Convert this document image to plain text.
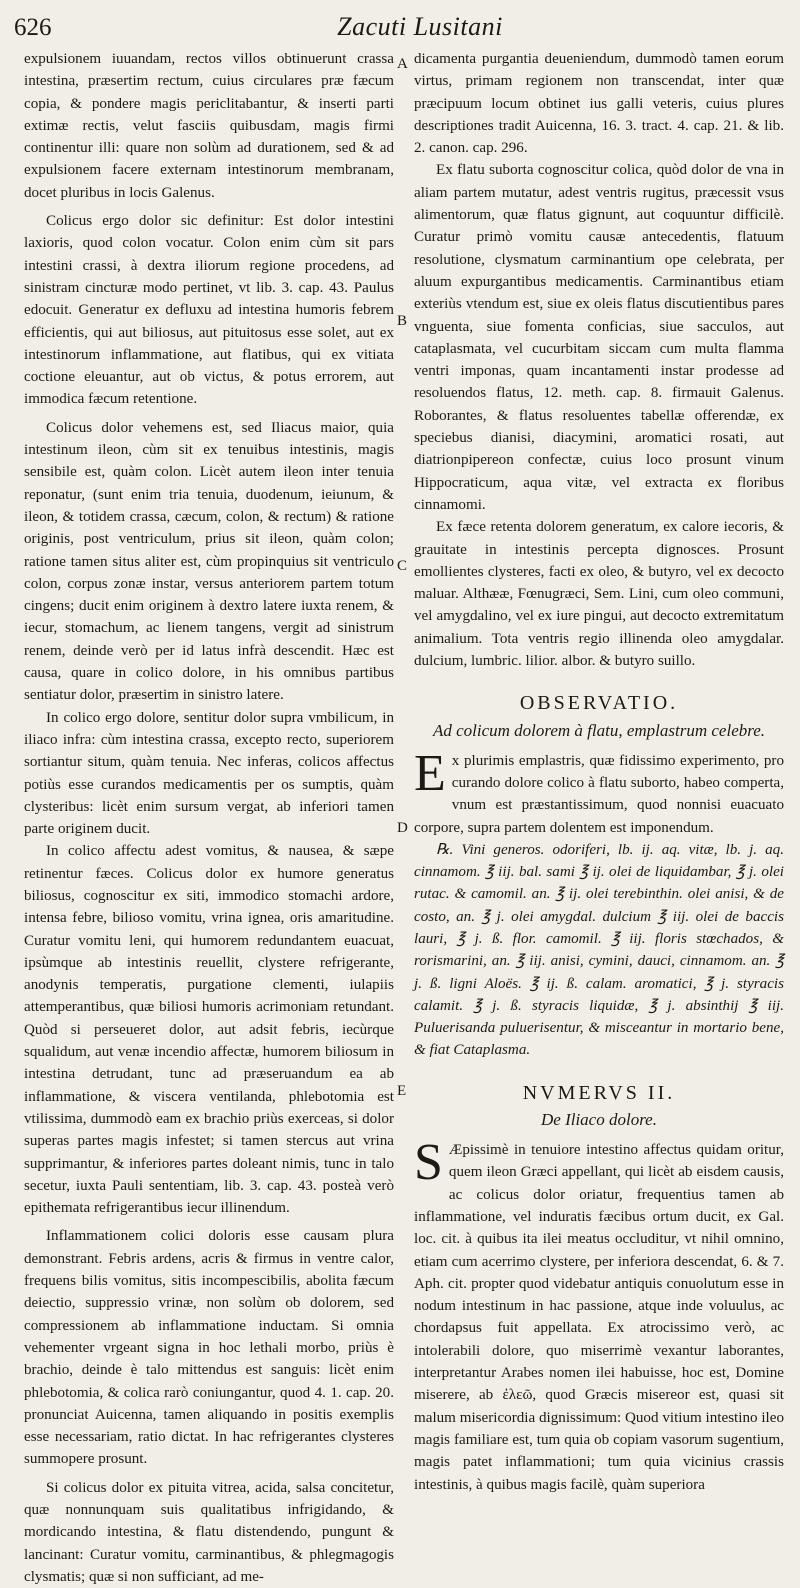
626	Zacuti Lusitani
A
B
C
D
E

expulsionem iuuandam, rectos villos obtinuerunt crassa intestina, præsertim rectum, cuius circulares præ fæcum copia, & pondere magis periclitabantur, & inserti parti extimæ rectis, velut fasciis quibusdam, magis firmi continentur illi: quare non solùm ad durationem, sed & ad expulsionem facere externam intestinorum membranam, docet pluribus in locis Galenus.

Colicus ergo dolor sic definitur: Est dolor intestini laxioris, quod colon vocatur. Colon enim cùm sit pars intestini crassi, à dextra iliorum regione procedens, ad sinistram cincturæ modo pertinet, vt lib. 3. cap. 43. Paulus edocuit. Generatur ex defluxu ad intestina humoris febrem efficientis, qui aut biliosus, aut pituitosus esse solet, aut ex intestinorum inflammatione, aut flatibus, qui ex vitiata coctione eleuantur, aut ob victus, & potus errorem, aut immodica fæcum retentione.

Colicus dolor vehemens est, sed Iliacus maior, quia intestinum ileon, cùm sit ex tenuibus intestinis, magis sensibile est, quàm colon. Licèt autem ileon inter tenuia reponatur, (sunt enim tria tenuia, duodenum, ieiunum, & ileon, & totidem crassa, cæcum, colon, & rectum) & ratione originis, post ventriculum, prius sit ileon, quàm colon; ratione tamen situs aliter est, cùm propinquius sit ventriculo colon, corpus zonæ instar, versus anteriorem partem totum cingens; ducit enim originem à dextro latere iuxta renem, & iecur, stomachum, ac lienem tangens, vergit ad sinistrum renem, deinde verò per id latus infrà descendit. Hæc est causa, quare in colico dolore, in his omnibus partibus sentiatur dolor, præsertim in sinistro latere.

In colico ergo dolore, sentitur dolor supra vmbilicum, in iliaco infra: cùm intestina crassa, excepto recto, superiorem sortiantur situm, quàm tenuia. Nec inferas, colicos affectus potiùs esse curandos medicamentis per os sumptis, quàm clysteribus: licèt enim sursum vergat, ab inferiori tamen parte originem ducit.

In colico affectu adest vomitus, & nausea, & sæpe retinentur fæces. Colicus dolor ex humore generatus biliosus, cognoscitur ex siti, immodico stomachi ardore, intensa febre, bilioso vomitu, vrina ignea, oris amaritudine. Curatur vomitu leni, qui humorem redundantem euacuat, ipsùmque ab intestinis reuellit, clystere refrigerante, anodynis temperatis, purgatione clementi, iulapiis attemperantibus, quæ biliosi humoris acrimoniam retundant. Quòd si perseueret dolor, aut adsit febris, iecùrque squalidum, aut venæ incendio affectæ, humorem biliosum in intestina detrudant, tunc ad præseruandum ea ab inflammatione, & viscera ventilanda, phlebotomia est vtilissima, dummodò eam ex brachio priùs exerceas, si dolor superas partes magis infestet; si tamen stercus aut vrina supprimantur, & inferiores partes doleant nimis, tunc in talo secetur, iuxta Pauli sententiam, lib. 3. cap. 43. posteà verò epithemata refrigerantibus iecur illinendum.

Inflammationem colici doloris esse causam plura demonstrant. Febris ardens, acris & firmus in ventre calor, frequens bilis vomitus, sitis incompescibilis, abolita fæcum deiectio, suppressio vrinæ, non solùm ob dolorem, sed compressionem ab inflammatione inductam. Si omnia vehementer vrgeant signa in hoc lethali morbo, priùs è brachio, deinde è talo mittendus est sanguis: licèt enim phlebotomia, & colica rarò coniungantur, quod 4. 1. cap. 20. pronunciat Auicenna, tamen aliquando in positis exemplis esse necessariam, ratio dictat. In hac refrigerantes clysteres summopere prosunt.

Si colicus dolor ex pituita vitrea, acida, salsa concitetur, quæ nonnunquam suis qualitatibus infrigidando, & mordicando intestina, & flatu distendendo, pungunt & lancinant: Curatur vomitu, carminantibus, & phlegmagogis clysmatis; quæ si non sufficiant, ad me-

dicamenta purgantia deueniendum, dummodò tamen eorum virtus, primam regionem non transcendat, inter quæ præcipuum locum obtinet ius galli veteris, cuius plures descriptiones tradit Auicenna, 16. 3. tract. 4. cap. 21. & lib. 2. canon. cap. 296.

Ex flatu suborta cognoscitur colica, quòd dolor de vna in aliam partem mutatur, adest ventris rugitus, præcessit vsus alimentorum, quæ flatus gignunt, aut coquuntur difficilè. Curatur primò vomitu causæ antecedentis, flatuum resolutione, clysmatum carminantium ope celebrata, per aluum expurgantibus medicamentis. Carminantibus etiam exteriùs vtendum est, siue ex oleis flatus discutientibus pares vnguenta, siue fomenta conficias, siue sacculos, aut cataplasmata, vel cucurbitam siccam cum multa flamma ventri imponas, quam incantamenti instar prodesse ad resoluendos flatus, 12. meth. cap. 8. firmauit Galenus. Roborantes, & flatus resoluentes tabellæ offerendæ, ex speciebus dianisi, diacymini, aromatici rosati, aut diatrionpipereon confectæ, cuius loco prosunt vinum Hippocraticum, aqua vitæ, vel extracta ex floribus cinnamomi.

Ex fæce retenta dolorem generatum, ex calore iecoris, & grauitate in intestinis percepta dignosces. Prosunt emollientes clysteres, facti ex oleo, & butyro, vel ex decocto maluar. Althææ, Fœnugræci, Sem. Lini, cum oleo communi, vel amygdalino, vel ex iure pingui, aut decocto extremitatum animalium. Tota ventris regio illinenda oleo amygdalar. dulcium, lumbric. lilior. albor. & butyro suillo.

OBSERVATIO.
Ad colicum dolorem à flatu, emplastrum celebre.

Ex plurimis emplastris, quæ fidissimo experimento, pro curando dolore colico à flatu suborto, habeo comperta, vnum est præstantissimum, quod nonnisi euacuato corpore, supra partem dolentem est imponendum.

℞. Vini generos. odoriferi, lb. ij. aq. vitæ, lb. j. aq. cinnamom. ℥ iij. bal. sami ℥ ij. olei de liquidambar, ℥ j. olei rutac. & camomil. an. ℥ ij. olei terebinthin. olei anisi, & de costo, an. ℥ j. olei amygdal. dulcium ℥ iij. olei de baccis lauri, ℥ j. ß. flor. camomil. ℥ iij. floris stœchados, & rorismarini, an. ℥ iij. anisi, cymini, dauci, cinnamom. an. ℥ j. ß. ligni Aloës. ℥ ij. ß. calam. aromatici, ℥ j. styracis calamit. ℥ j. ß. styracis liquidæ, ℥ j. absinthij ℥ iij. Puluerisanda puluerisentur, & misceantur in mortario bene, & fiat Cataplasma.

NVMERVS II.
De Iliaco dolore.

S Æpissimè in tenuiore intestino affectus quidam oritur, quem ileon Græci appellant, qui licèt ab eisdem causis, ac colicus dolor oriatur, frequentius tamen ab inflammatione, vel induratis fæcibus ortum ducit, ex Gal. loc. cit. à quibus ita ilei meatus occluditur, vt nihil omnino, etiam cum acerrimo clystere, per inferiora descendat, 6. & 7. Aph. cit. propter quod videbatur antiquis conuolutum esse in nodum intestinum in hac passione, atque inde voluulus, ac chordapsus fuit appellata. Ex atrocissimo verò, ac intolerabili dolore, quo miserrimè vexantur laborantes, interpretantur Arabes nomen ilei habuisse, hoc est, Domine miserere, ab ἐλεῶ, quod Græcis misereor est, quasi sit malum misericordia dignissimum: Quod vitium intestino ileo magis familiare est, tum quia ob copiam vasorum sugentium, magis patet inflammationi; tum quia vicinius crassis intestinis, à quibus magis facilè, quàm superiora
